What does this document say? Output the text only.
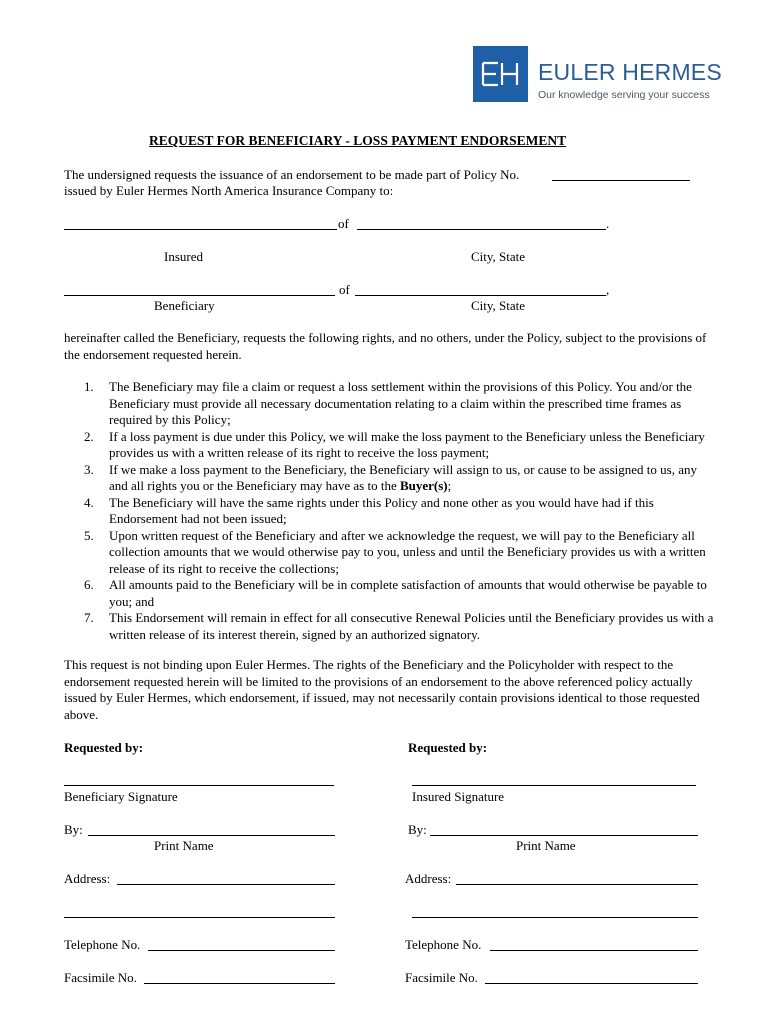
EULER HERMES
Our knowledge serving your success
REQUEST FOR BENEFICIARY - LOSS PAYMENT ENDORSEMENT
The undersigned requests the issuance of an endorsement to be made part of Policy No.
issued by Euler Hermes North America Insurance Company to:
of	.
Insured	City, State
of	,
Beneficiary	City, State
hereinafter called the Beneficiary, requests the following rights, and no others, under the Policy, subject to the provisions of the endorsement requested herein.
1. The Beneficiary may file a claim or request a loss settlement within the provisions of this Policy. You and/or the Beneficiary must provide all necessary documentation relating to a claim within the prescribed time frames as required by this Policy;
2. If a loss payment is due under this Policy, we will make the loss payment to the Beneficiary unless the Beneficiary provides us with a written release of its right to receive the loss payment;
3. If we make a loss payment to the Beneficiary, the Beneficiary will assign to us, or cause to be assigned to us, any and all rights you or the Beneficiary may have as to the Buyer(s);
4. The Beneficiary will have the same rights under this Policy and none other as you would have had if this Endorsement had not been issued;
5. Upon written request of the Beneficiary and after we acknowledge the request, we will pay to the Beneficiary all collection amounts that we would otherwise pay to you, unless and until the Beneficiary provides us with a written release of its right to receive the collections;
6. All amounts paid to the Beneficiary will be in complete satisfaction of amounts that would otherwise be payable to you; and
7. This Endorsement will remain in effect for all consecutive Renewal Policies until the Beneficiary provides us with a written release of its interest therein, signed by an authorized signatory.
This request is not binding upon Euler Hermes. The rights of the Beneficiary and the Policyholder with respect to the endorsement requested herein will be limited to the provisions of an endorsement to the above referenced policy actually issued by Euler Hermes, which endorsement, if issued, may not necessarily contain provisions identical to those requested above.
Requested by:
Beneficiary Signature
By:
Print Name
Address:
Telephone No.
Facsimile No.
Requested by:
Insured Signature
By:
Print Name
Address:
Telephone No.
Facsimile No.
